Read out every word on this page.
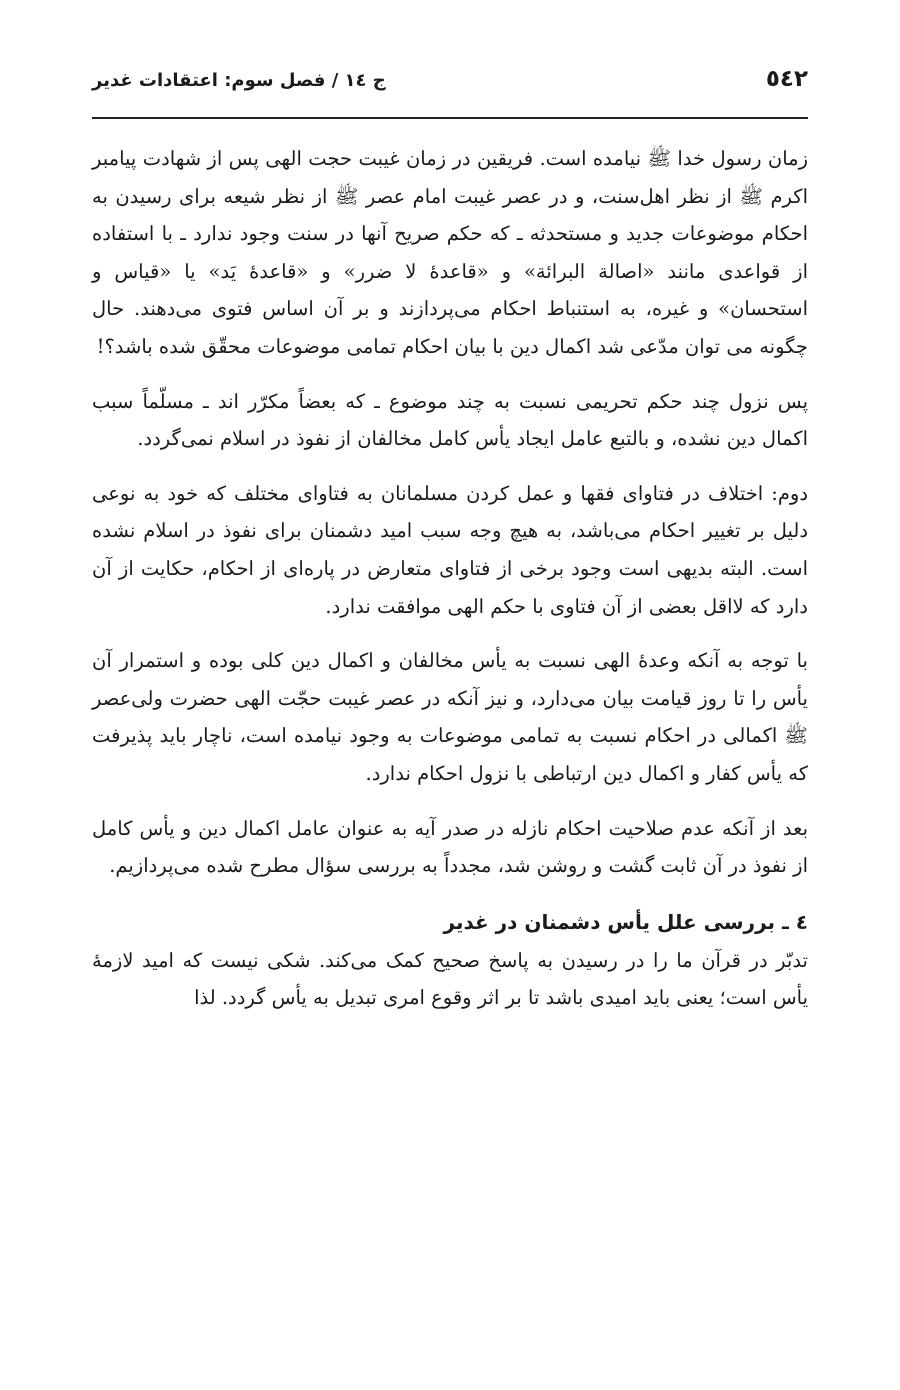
٥٤٢
ج ١٤ / فصل سوم: اعتقادات غدیر

زمان رسول خدا ﷺ نیامده است. فریقین در زمان غیبت حجت الهی پس از شهادت پیامبر اکرم ﷺ از نظر اهل‌سنت، و در عصر غیبت امام عصر ﷺ از نظر شیعه برای رسیدن به احکام موضوعات جدید و مستحدثه ـ که حکم صریح آنها در سنت وجود ندارد ـ با استفاده از قواعدی مانند «اصالة البرائة» و «قاعدهٔ لا ضرر» و «قاعدهٔ یَد» یا «قیاس و استحسان» و غیره، به استنباط احکام می‌پردازند و بر آن اساس فتوی می‌دهند. حال چگونه می توان مدّعی شد اکمال دین با بیان احکام تمامی موضوعات محقّق شده باشد؟!

پس نزول چند حکم تحریمی نسبت به چند موضوع ـ که بعضاً مکرّر اند ـ مسلّماً سبب اکمال دین نشده، و بالتبع عامل ایجاد یأس کامل مخالفان از نفوذ در اسلام نمی‌گردد.

دوم: اختلاف در فتاوای فقها و عمل کردن مسلمانان به فتاوای مختلف که خود به نوعی دلیل بر تغییر احکام می‌باشد، به هیچ وجه سبب امید دشمنان برای نفوذ در اسلام نشده است. البته بدیهی است وجود برخی از فتاوای متعارض در پاره‌ای از احکام، حکایت از آن دارد که لااقل بعضی از آن فتاوی با حکم الهی موافقت ندارد.

با توجه به آنکه وعدهٔ الهی نسبت به یأس مخالفان و اکمال دین کلی بوده و استمرار آن یأس را تا روز قیامت بیان می‌دارد، و نیز آنکه در عصر غیبت حجّت الهی حضرت ولی‌عصر ﷺ اکمالی در احکام نسبت به تمامی موضوعات به وجود نیامده است، ناچار باید پذیرفت که یأس کفار و اکمال دین ارتباطی با نزول احکام ندارد.

بعد از آنکه عدم صلاحیت احکام نازله در صدر آیه به عنوان عامل اکمال دین و یأس کامل از نفوذ در آن ثابت گشت و روشن شد، مجدداً به بررسی سؤال مطرح شده می‌پردازیم.

٤ ـ بررسی علل یأس دشمنان در غدیر

تدبّر در قرآن ما را در رسیدن به پاسخ صحیح کمک می‌کند. شکی نیست که امید لازمهٔ یأس است؛ یعنی باید امیدی باشد تا بر اثر وقوع امری تبدیل به یأس گردد. لذا
